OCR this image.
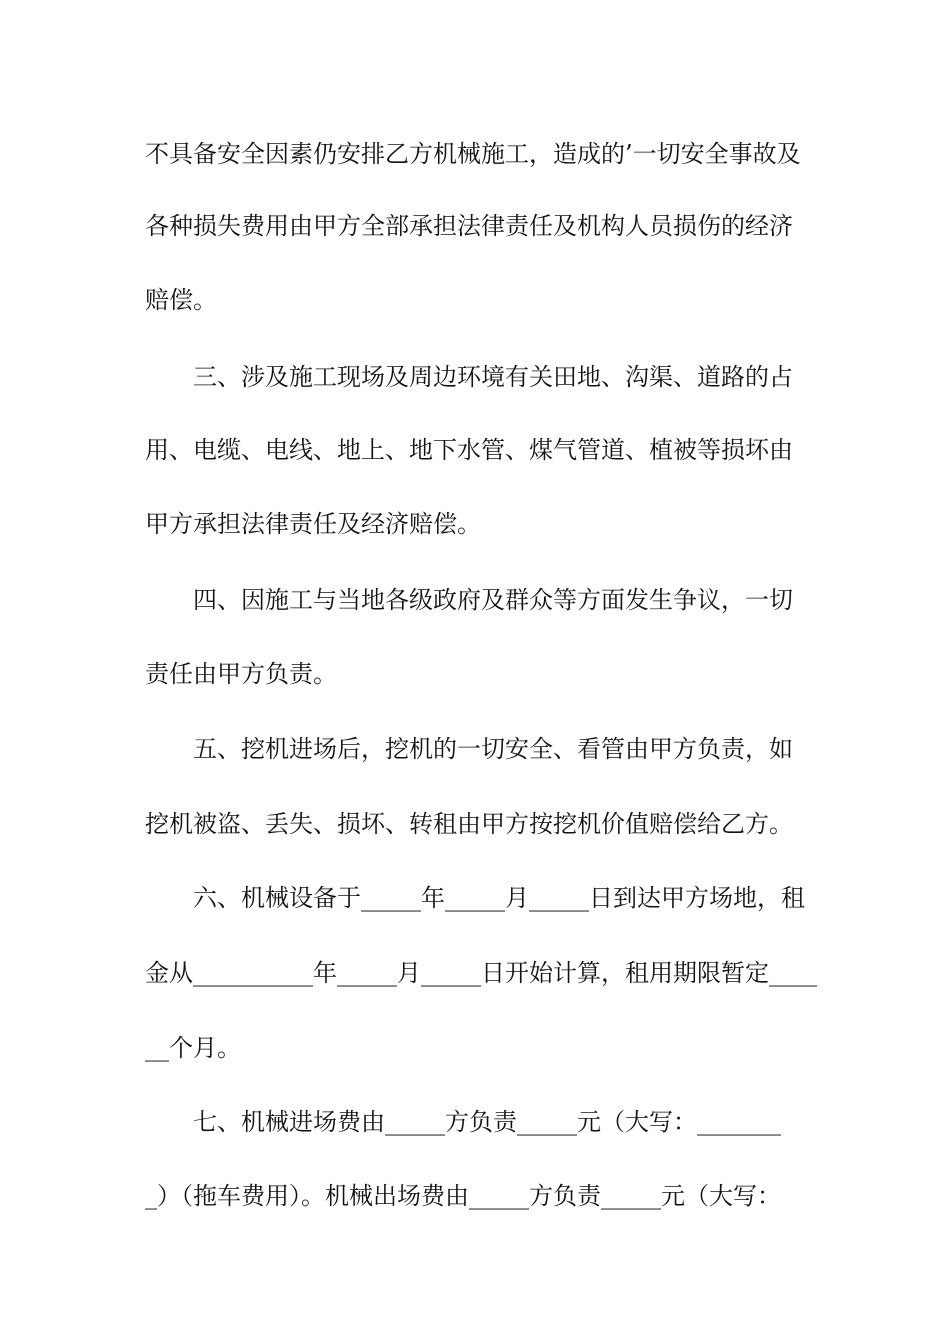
不具备安全因素仍安排乙方机械施工，造成的’一切安全事故及
各种损失费用由甲方全部承担法律责任及机构人员损伤的经济
赔偿。
三、涉及施工现场及周边环境有关田地、沟渠、道路的占
用、电缆、电线、地上、地下水管、煤气管道、植被等损坏由
甲方承担法律责任及经济赔偿。
四、因施工与当地各级政府及群众等方面发生争议，一切
责任由甲方负责。
五、挖机进场后，挖机的一切安全、看管由甲方负责，如
挖机被盗、丢失、损坏、转租由甲方按挖机价值赔偿给乙方。
六、机械设备于_____年_____月_____日到达甲方场地，租
金从__________年_____月_____日开始计算，租用期限暂定____
__个月。
七、机械进场费由_____方负责_____元（大写：_______
_）（拖车费用）。机械出场费由_____方负责_____元（大写：
